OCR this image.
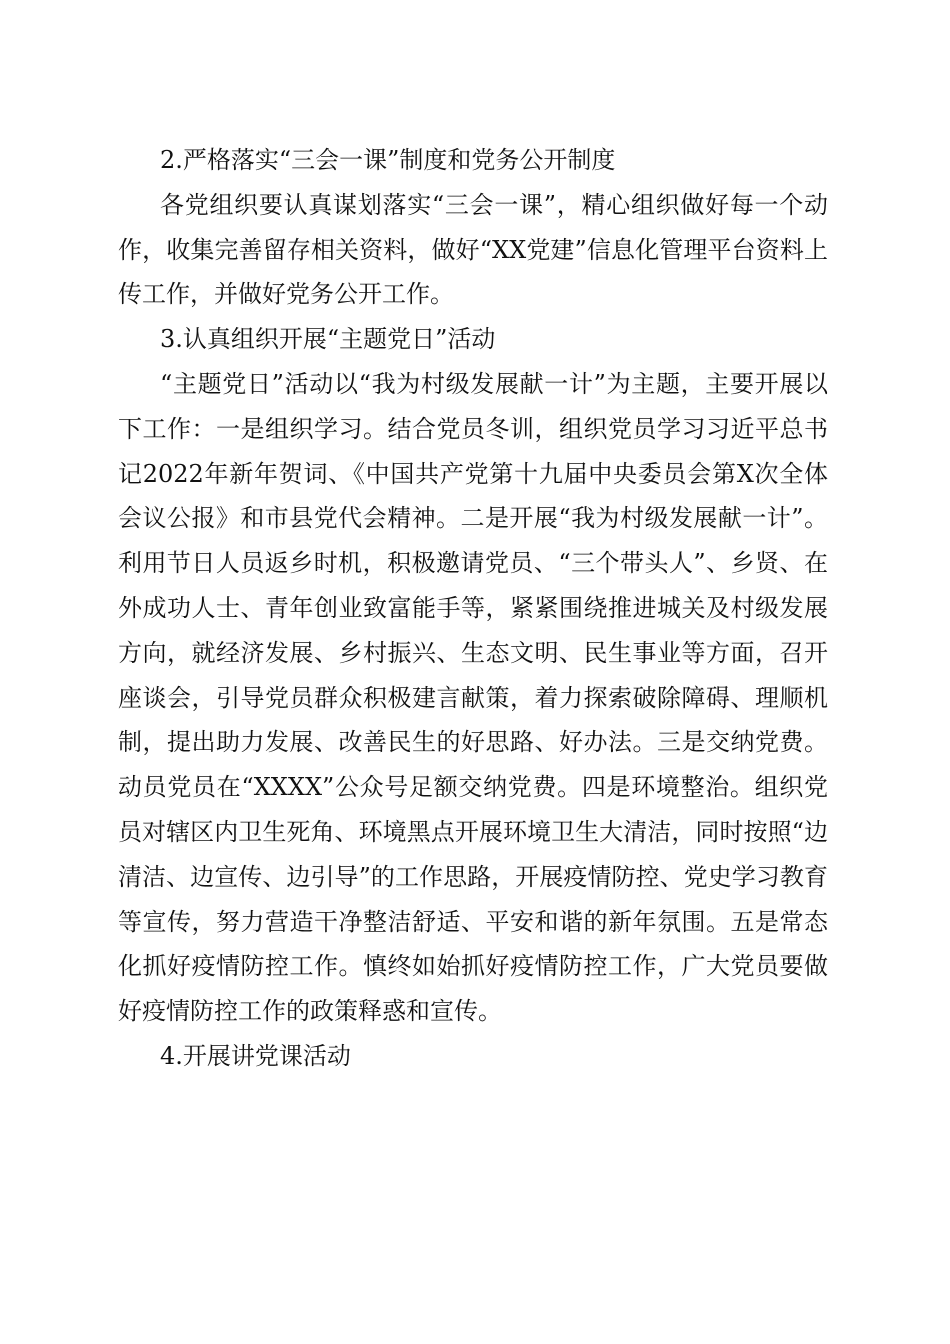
2.严格落实“三会一课”制度和党务公开制度

各党组织要认真谋划落实“三会一课”，精心组织做好每一个动作，收集完善留存相关资料，做好“XX党建”信息化管理平台资料上传工作，并做好党务公开工作。

3.认真组织开展“主题党日”活动

“主题党日”活动以“我为村级发展献一计”为主题，主要开展以下工作：一是组织学习。结合党员冬训，组织党员学习习近平总书记2022年新年贺词、《中国共产党第十九届中央委员会第X次全体会议公报》和市县党代会精神。二是开展“我为村级发展献一计”。利用节日人员返乡时机，积极邀请党员、“三个带头人”、乡贤、在外成功人士、青年创业致富能手等，紧紧围绕推进城关及村级发展方向，就经济发展、乡村振兴、生态文明、民生事业等方面，召开座谈会，引导党员群众积极建言献策，着力探索破除障碍、理顺机制，提出助力发展、改善民生的好思路、好办法。三是交纳党费。动员党员在“XXXX”公众号足额交纳党费。四是环境整治。组织党员对辖区内卫生死角、环境黑点开展环境卫生大清洁，同时按照“边清洁、边宣传、边引导”的工作思路，开展疫情防控、党史学习教育等宣传，努力营造干净整洁舒适、平安和谐的新年氛围。五是常态化抓好疫情防控工作。慎终如始抓好疫情防控工作，广大党员要做好疫情防控工作的政策释惑和宣传。

4.开展讲党课活动
